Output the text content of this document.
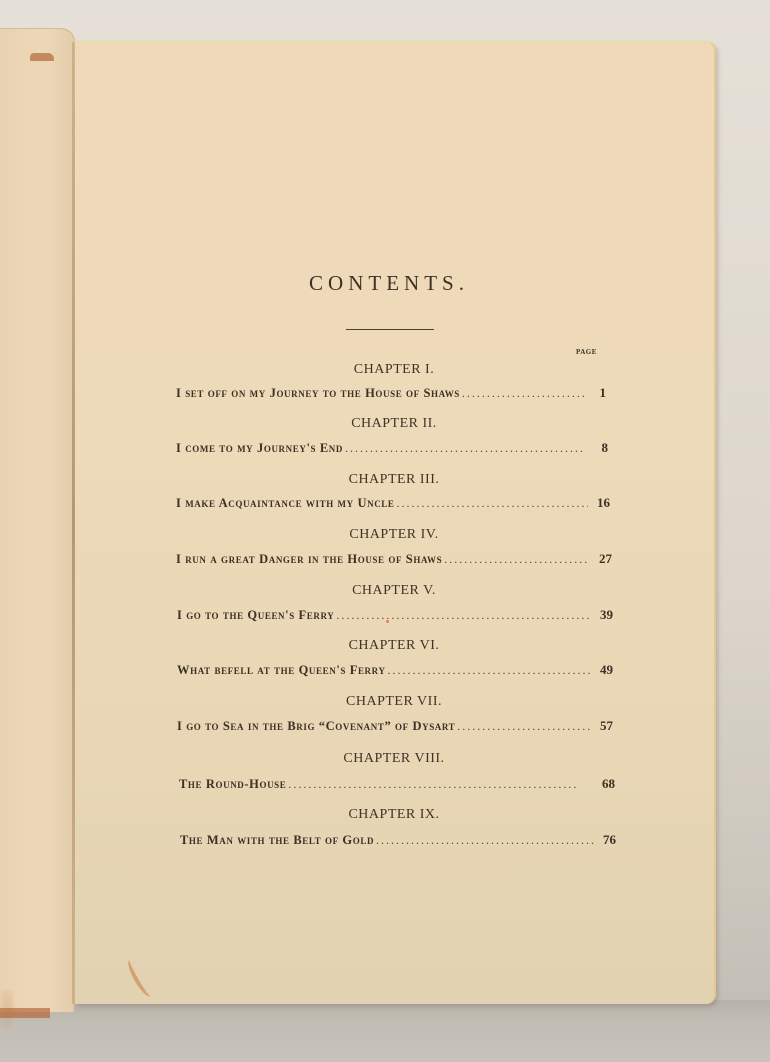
CONTENTS.
PAGE
CHAPTER I.
I set off on my Journey to the House of Shaws . . .	1
CHAPTER II.
I come to my Journey's End . . .	8
CHAPTER III.
I make Acquaintance with my Uncle . . .	16
CHAPTER IV.
I run a great Danger in the House of Shaws . . .	27
CHAPTER V.
I go to the Queen's Ferry . . .	39
CHAPTER VI.
What befell at the Queen's Ferry . . .	49
CHAPTER VII.
I go to Sea in the Brig “Covenant” of Dysart . . .	57
CHAPTER VIII.
The Round-House . . .	68
CHAPTER IX.
The Man with the Belt of Gold . . .	76
